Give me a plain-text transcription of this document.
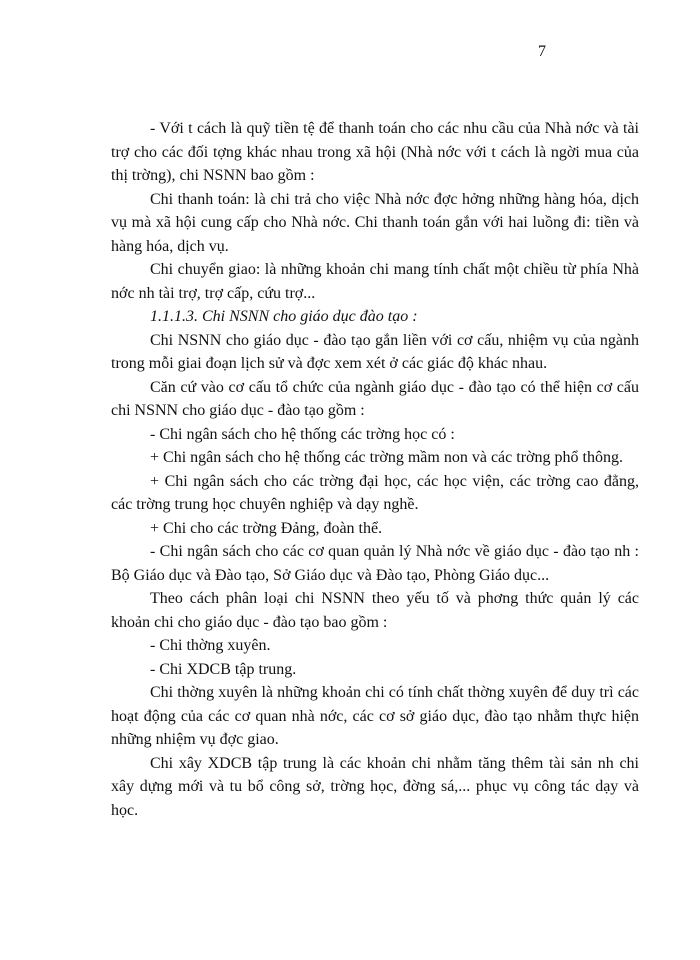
7

- Với t cách là quỹ tiền tệ để thanh toán cho các nhu cầu của Nhà nớc và tài trợ cho các đối tợng khác nhau trong xã hội (Nhà nớc với t cách là ngời mua của thị trờng), chi NSNN bao gồm :

Chi thanh toán: là chi trả cho việc Nhà nớc đợc hởng những hàng hóa, dịch vụ mà xã hội cung cấp cho Nhà nớc. Chi thanh toán gắn với hai luồng đi: tiền và hàng hóa, dịch vụ.

Chi chuyển giao: là những khoản chi mang tính chất một chiều từ phía Nhà nớc nh tài trợ, trợ cấp, cứu trợ...

1.1.1.3. Chi NSNN cho giáo dục đào tạo :

Chi NSNN cho giáo dục - đào tạo gắn liền với cơ cấu, nhiệm vụ của ngành trong mỗi giai đoạn lịch sử và đợc xem xét ở các giác độ khác nhau.

Căn cứ vào cơ cấu tổ chức của ngành giáo dục - đào tạo có thể hiện cơ cấu chi NSNN cho giáo dục - đào tạo gồm :

- Chi ngân sách cho hệ thống các trờng học có :

+ Chi ngân sách cho hệ thống các trờng mầm non và các trờng phổ thông.

+ Chi ngân sách cho các trờng đại học, các học viện, các trờng cao đẳng, các trờng trung học chuyên nghiệp và dạy nghề.

+ Chi cho các trờng Đảng, đoàn thể.

- Chi ngân sách cho các cơ quan quản lý Nhà nớc về giáo dục - đào tạo nh : Bộ Giáo dục và Đào tạo, Sở Giáo dục và Đào tạo, Phòng Giáo dục...

Theo cách phân loại chi NSNN theo yếu tố và phơng thức quản lý các khoản chi cho giáo dục - đào tạo bao gồm :

- Chi thờng xuyên.

- Chi XDCB tập trung.

Chi thờng xuyên là những khoản chi có tính chất thờng xuyên để duy trì các hoạt động của các cơ quan nhà nớc, các cơ sở giáo dục, đào tạo nhằm thực hiện những nhiệm vụ đợc giao.

Chi xây XDCB tập trung là các khoản chi nhằm tăng thêm tài sản nh chi xây dựng mới và tu bổ công sở, trờng học, đờng sá,... phục vụ công tác dạy và học.
